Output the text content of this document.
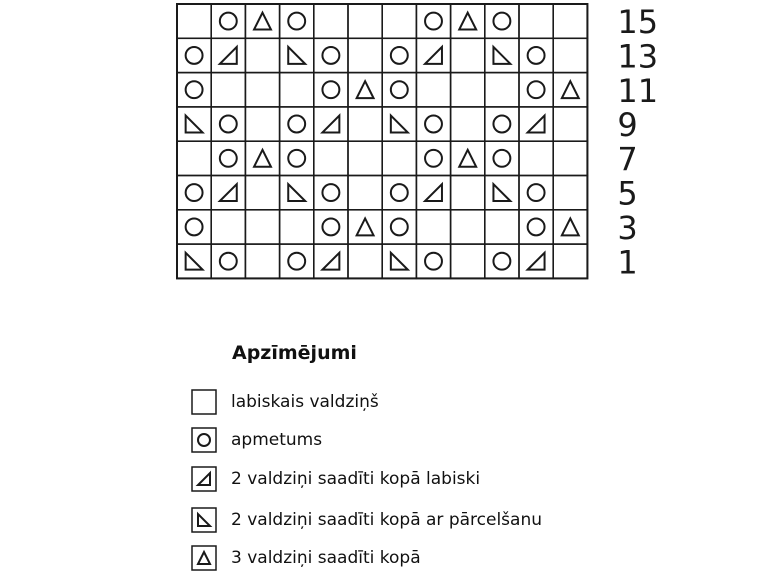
15
13
11
9
7
5
3
1
Apzīmējumi
labiskais valdziņš
apmetums
2 valdziņi saadīti kopā labiski
2 valdziņi saadīti kopā ar pārcelšanu
3 valdziņi saadīti kopā
